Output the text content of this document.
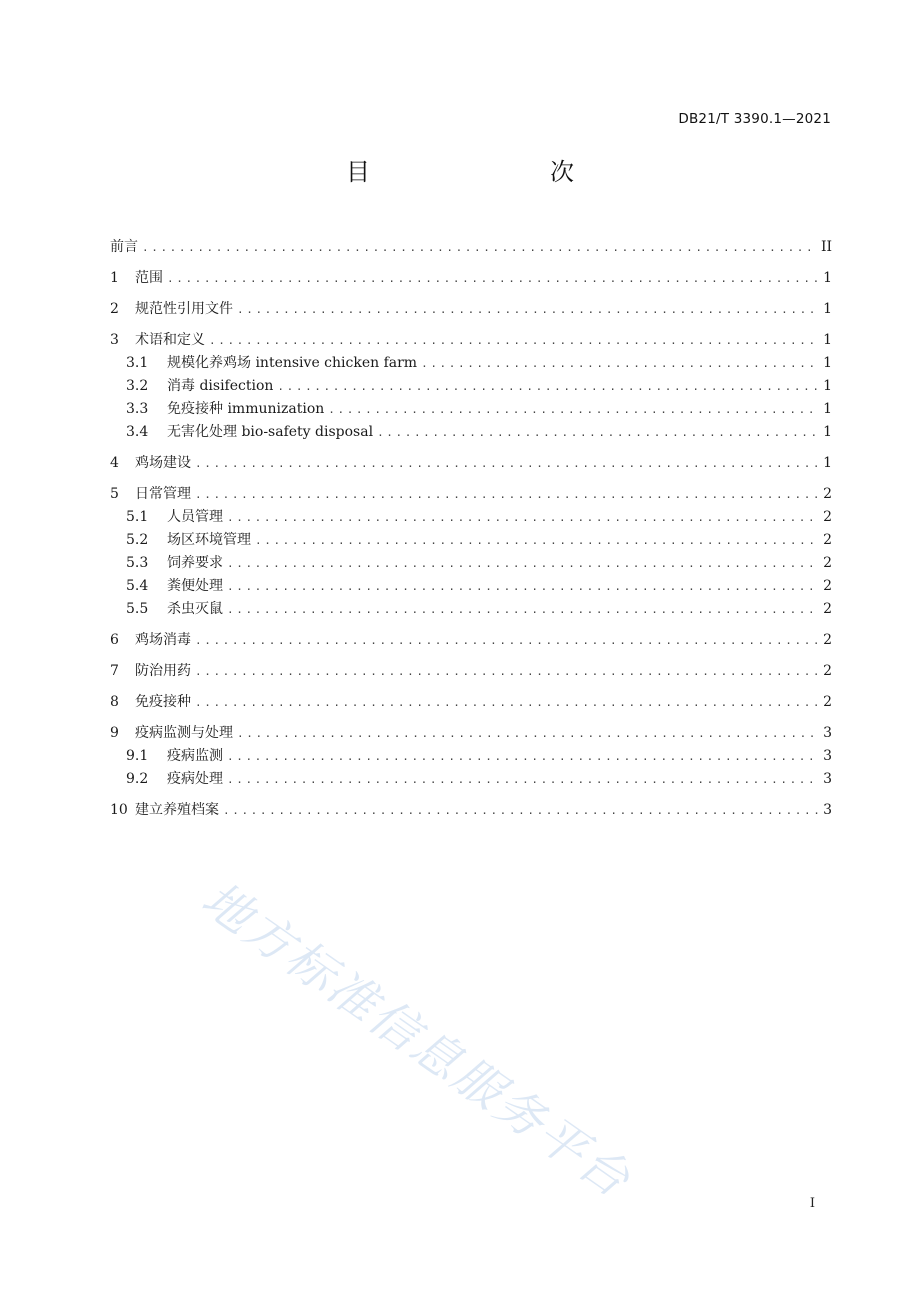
DB21/T 3390.1—2021
目　　次
前言 .....	II
1	范围 .....	1
2	规范性引用文件 .....	1
3	术语和定义 .....	1
3.1	规模化养鸡场 intensive chicken farm .....	1
3.2	消毒 disifection .....	1
3.3	免疫接种 immunization .....	1
3.4	无害化处理 bio-safety disposal .....	1
4	鸡场建设 .....	1
5	日常管理 .....	2
5.1	人员管理 .....	2
5.2	场区环境管理 .....	2
5.3	饲养要求 .....	2
5.4	粪便处理 .....	2
5.5	杀虫灭鼠 .....	2
6	鸡场消毒 .....	2
7	防治用药 .....	2
8	免疫接种 .....	2
9	疫病监测与处理 .....	3
9.1	疫病监测 .....	3
9.2	疫病处理 .....	3
10 建立养殖档案 .....	3
I
地方标准信息服务平台
